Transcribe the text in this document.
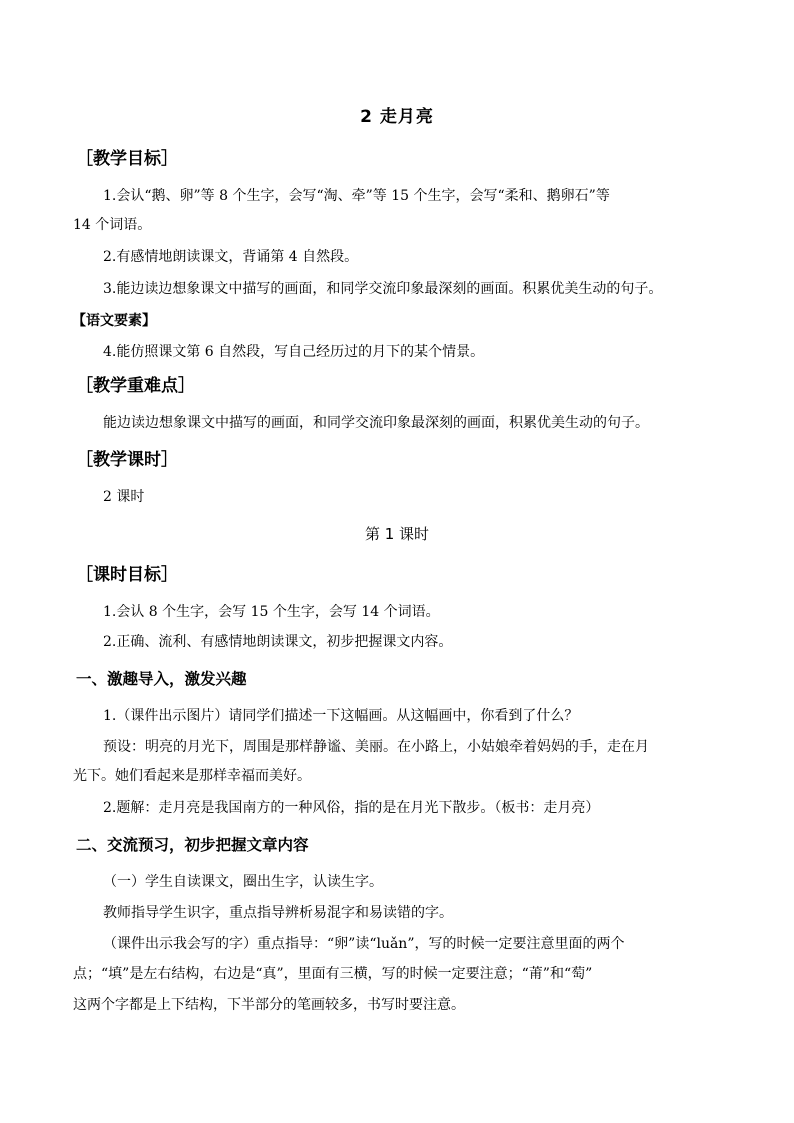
2 走月亮
［教学目标］
1.会认“鹅、卵”等 8 个生字，会写“淘、牵”等 15 个生字，会写“柔和、鹅卵石”等
14 个词语。
2.有感情地朗读课文，背诵第 4 自然段。
3.能边读边想象课文中描写的画面，和同学交流印象最深刻的画面。积累优美生动的句子。
【语文要素】
4.能仿照课文第 6 自然段，写自己经历过的月下的某个情景。
［教学重难点］
能边读边想象课文中描写的画面，和同学交流印象最深刻的画面，积累优美生动的句子。
［教学课时］
2 课时
第 1 课时
［课时目标］
1.会认 8 个生字，会写 15 个生字，会写 14 个词语。
2.正确、流利、有感情地朗读课文，初步把握课文内容。
一、激趣导入，激发兴趣
1.（课件出示图片）请同学们描述一下这幅画。从这幅画中，你看到了什么？
预设：明亮的月光下，周围是那样静谧、美丽。在小路上，小姑娘牵着妈妈的手，走在月
光下。她们看起来是那样幸福而美好。
2.题解：走月亮是我国南方的一种风俗，指的是在月光下散步。（板书：走月亮）
二、交流预习，初步把握文章内容
（一）学生自读课文，圈出生字，认读生字。
教师指导学生识字，重点指导辨析易混字和易读错的字。
（课件出示我会写的字）重点指导：“卵”读“luǎn”，写的时候一定要注意里面的两个
点；“填”是左右结构，右边是“真”，里面有三横，写的时候一定要注意；“莆”和“萄”
这两个字都是上下结构，下半部分的笔画较多，书写时要注意。
